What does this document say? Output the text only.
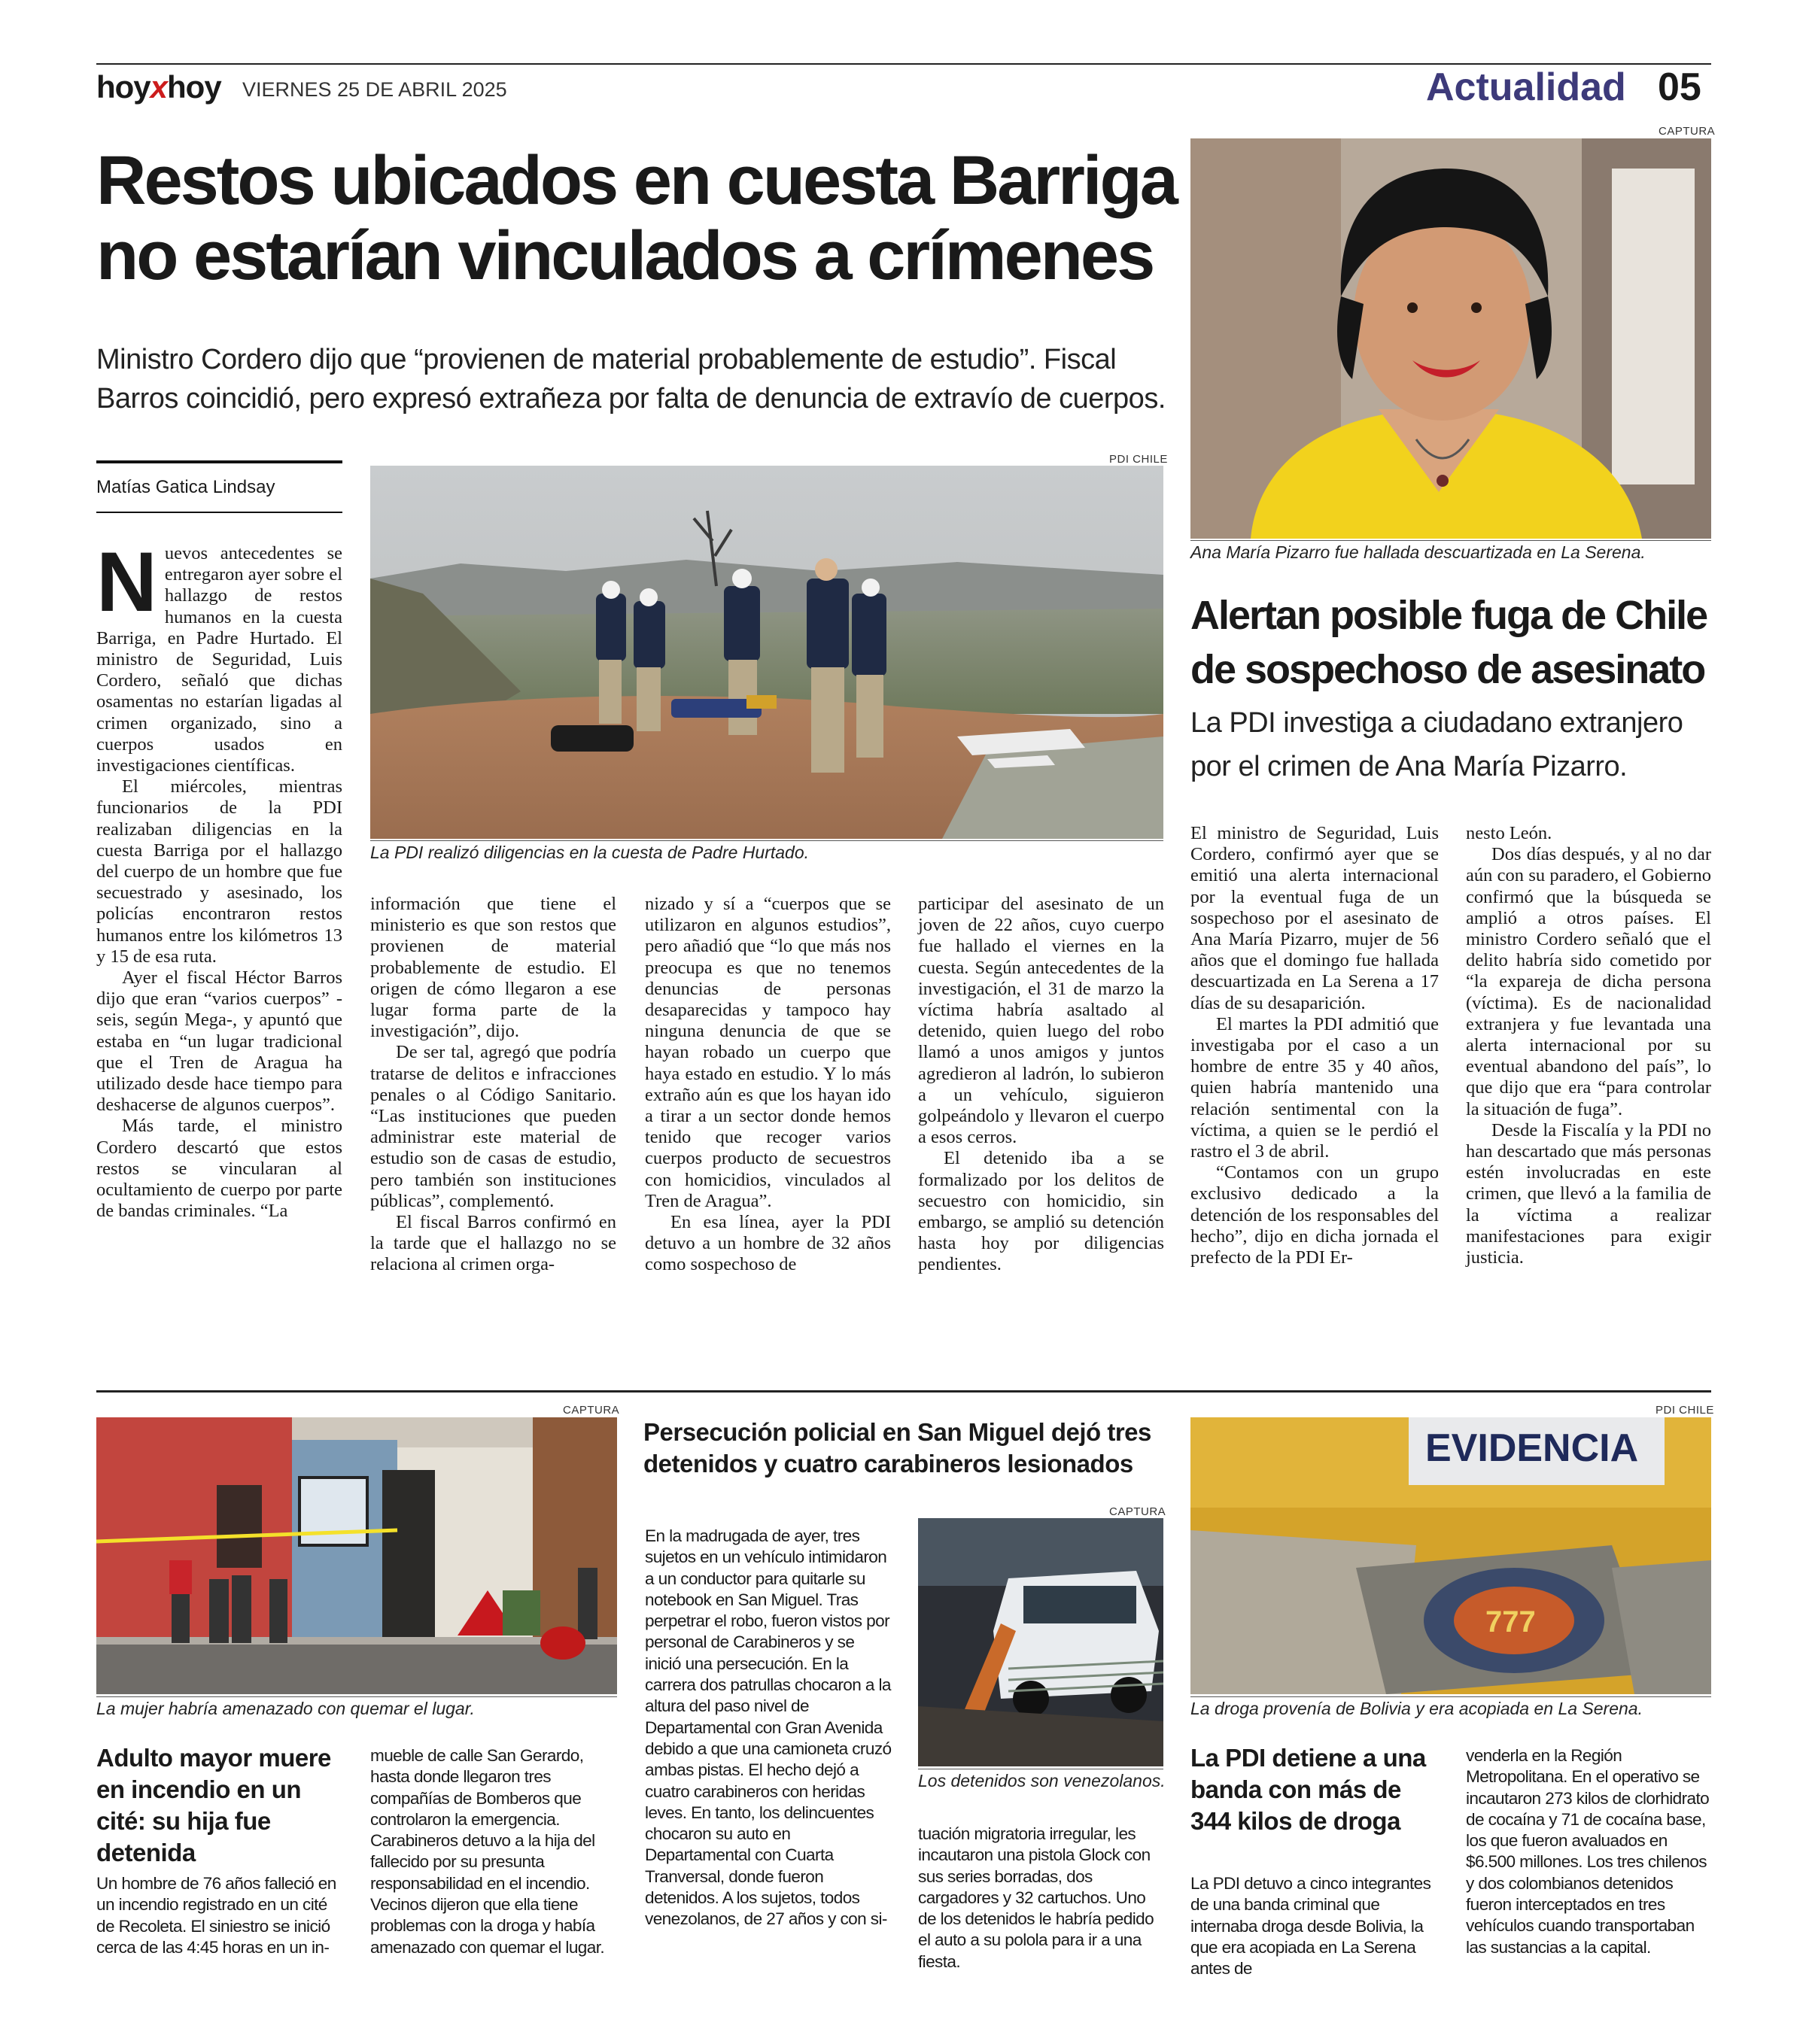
hoyxhoy VIERNES 25 DE ABRIL 2025	Actualidad 05
Restos ubicados en cuesta Barriga no estarían vinculados a crímenes
Ministro Cordero dijo que “provienen de material probablemente de estudio”. Fiscal Barros coincidió, pero expresó extrañeza por falta de denuncia de extravío de cuerpos.
Matías Gatica Lindsay
PDI CHILE
La PDI realizó diligencias en la cuesta de Padre Hurtado.

Nuevos antecedentes se entregaron ayer sobre el hallazgo de restos humanos en la cuesta Barriga, en Padre Hurtado. El ministro de Seguridad, Luis Cordero, señaló que dichas osamentas no estarían ligadas al crimen organizado, sino a cuerpos usados en investigaciones científicas.

El miércoles, mientras funcionarios de la PDI realizaban diligencias en la cuesta Barriga por el hallazgo del cuerpo de un hombre que fue secuestrado y asesinado, los policías encontraron restos humanos entre los kilómetros 13 y 15 de esa ruta.

Ayer el fiscal Héctor Barros dijo que eran “varios cuerpos” -seis, según Mega-, y apuntó que estaba en “un lugar tradicional que el Tren de Aragua ha utilizado desde hace tiempo para deshacerse de algunos cuerpos”.

Más tarde, el ministro Cordero descartó que estos restos se vincularan al ocultamiento de cuerpo por parte de bandas criminales. “La

información que tiene el ministerio es que son restos que provienen de material probablemente de estudio. El origen de cómo llegaron a ese lugar forma parte de la investigación”, dijo.

De ser tal, agregó que podría tratarse de delitos e infracciones penales o al Código Sanitario. “Las instituciones que pueden administrar este material de estudio son de casas de estudio, pero también son instituciones públicas”, complementó.

El fiscal Barros confirmó en la tarde que el hallazgo no se relaciona al crimen orga-

nizado y sí a “cuerpos que se utilizaron en algunos estudios”, pero añadió que “lo que más nos preocupa es que no tenemos denuncias de personas desaparecidas y tampoco hay ninguna denuncia de que se hayan robado un cuerpo que haya estado en estudio. Y lo más extraño aún es que los hayan ido a tirar a un sector donde hemos tenido que recoger varios cuerpos producto de secuestros con homicidios, vinculados al Tren de Aragua”.

En esa línea, ayer la PDI detuvo a un hombre de 32 años como sospechoso de

participar del asesinato de un joven de 22 años, cuyo cuerpo fue hallado el viernes en la cuesta. Según antecedentes de la investigación, el 31 de marzo la víctima habría asaltado al detenido, quien luego del robo llamó a unos amigos y juntos agredieron al ladrón, lo subieron a un vehículo, siguieron golpeándolo y llevaron el cuerpo a esos cerros.

El detenido iba a se formalizado por los delitos de secuestro con homicidio, sin embargo, se amplió su detención hasta hoy por diligencias pendientes.

CAPTURA
Ana María Pizarro fue hallada descuartizada en La Serena.
Alertan posible fuga de Chile de sospechoso de asesinato
La PDI investiga a ciudadano extranjero por el crimen de Ana María Pizarro.

El ministro de Seguridad, Luis Cordero, confirmó ayer que se emitió una alerta internacional por la eventual fuga de un sospechoso por el asesinato de Ana María Pizarro, mujer de 56 años que el domingo fue hallada descuartizada en La Serena a 17 días de su desaparición.

El martes la PDI admitió que investigaba por el caso a un hombre de entre 35 y 40 años, quien habría mantenido una relación sentimental con la víctima, a quien se le perdió el rastro el 3 de abril.

“Contamos con un grupo exclusivo dedicado a la detención de los responsables del hecho”, dijo en dicha jornada el prefecto de la PDI Er-

nesto León.

Dos días después, y al no dar aún con su paradero, el Gobierno confirmó que la búsqueda se amplió a otros países. El ministro Cordero señaló que el delito habría sido cometido por “la expareja de dicha persona (víctima). Es de nacionalidad extranjera y fue levantada una alerta internacional por su eventual abandono del país”, lo que dijo que era “para controlar la situación de fuga”.

Desde la Fiscalía y la PDI no han descartado que más personas estén involucradas en este crimen, que llevó a la familia de la víctima a realizar manifestaciones para exigir justicia.

CAPTURA
La mujer habría amenazado con quemar el lugar.
Adulto mayor muere en incendio en un cité: su hija fue detenida
Un hombre de 76 años falleció en un incendio registrado en un cité de Recoleta. El siniestro se inició cerca de las 4:45 horas en un in-
mueble de calle San Gerardo, hasta donde llegaron tres compañías de Bomberos que controlaron la emergencia. Carabineros detuvo a la hija del fallecido por su presunta responsabilidad en el incendio. Vecinos dijeron que ella tiene problemas con la droga y había amenazado con quemar el lugar.
Persecución policial en San Miguel dejó tres detenidos y cuatro carabineros lesionados
En la madrugada de ayer, tres sujetos en un vehículo intimidaron a un conductor para quitarle su notebook en San Miguel. Tras perpetrar el robo, fueron vistos por personal de Carabineros y se inició una persecución. En la carrera dos patrullas chocaron a la altura del paso nivel de Departamental con Gran Avenida debido a que una camioneta cruzó ambas pistas. El hecho dejó a cuatro carabineros con heridas leves. En tanto, los delincuentes chocaron su auto en Departamental con Cuarta Tranversal, donde fueron detenidos. A los sujetos, todos venezolanos, de 27 años y con si-
CAPTURA
Los detenidos son venezolanos.
tuación migratoria irregular, les incautaron una pistola Glock con sus series borradas, dos cargadores y 32 cartuchos. Uno de los detenidos le habría pedido el auto a su polola para ir a una fiesta.
PDI CHILE
EVIDENCIA
777
La droga provenía de Bolivia y era acopiada en La Serena.
La PDI detiene a una banda con más de 344 kilos de droga
La PDI detuvo a cinco integrantes de una banda criminal que internaba droga desde Bolivia, la que era acopiada en La Serena antes de
venderla en la Región Metropolitana. En el operativo se incautaron 273 kilos de clorhidrato de cocaína y 71 de cocaína base, los que fueron avaluados en $6.500 millones. Los tres chilenos y dos colombianos detenidos fueron interceptados en tres vehículos cuando transportaban las sustancias a la capital.
